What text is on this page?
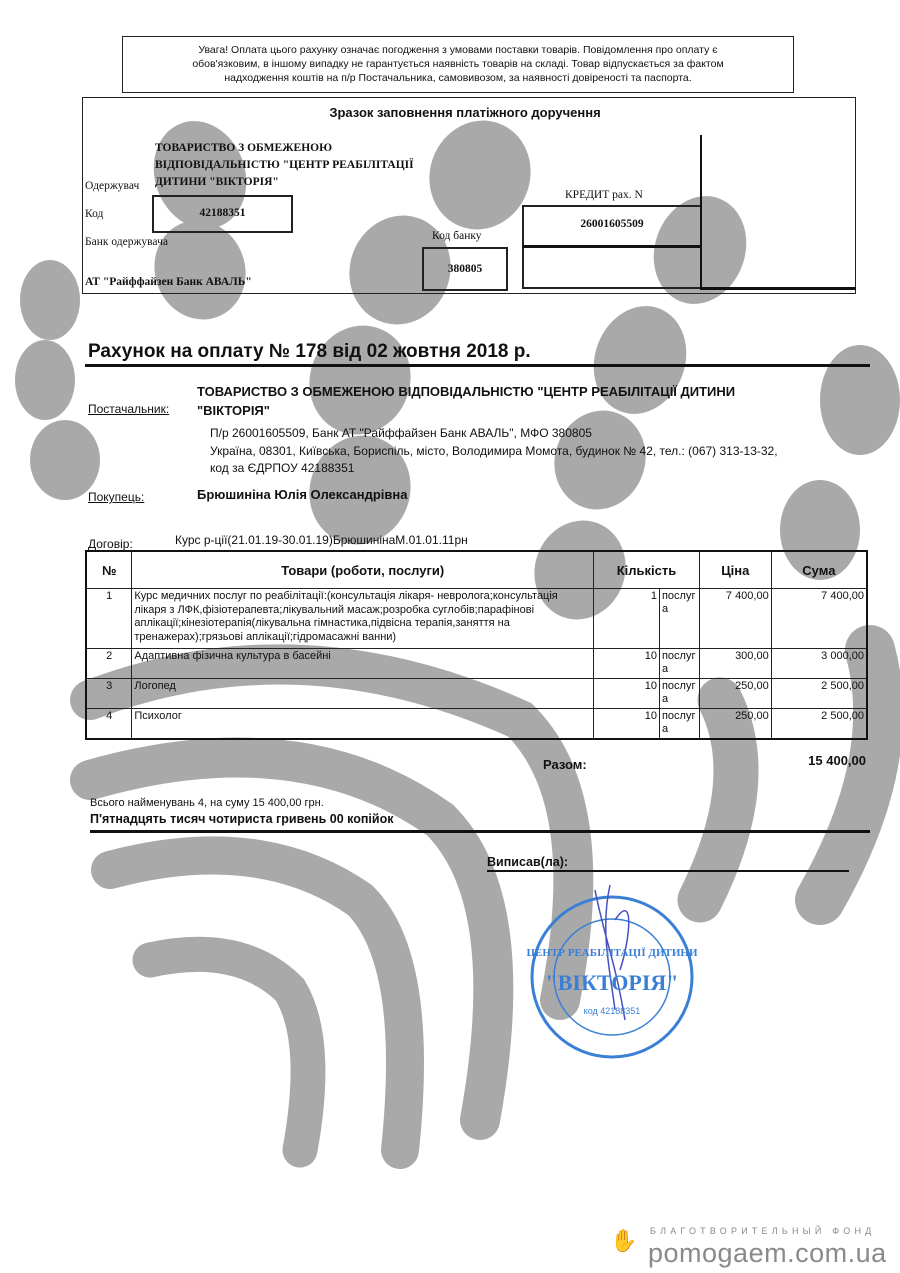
Увага! Оплата цього рахунку означає погодження з умовами поставки товарів. Повідомлення про оплату є
обов'язковим, в іншому випадку не гарантується наявність товарів на складі. Товар відпускається за фактом
надходження коштів на п/р Постачальника, самовивозом, за наявності довіреності та паспорта.
Зразок заповнення платіжного доручення
ТОВАРИСТВО З ОБМЕЖЕНОЮ
ВІДПОВІДАЛЬНІСТЮ "ЦЕНТР РЕАБІЛІТАЦІЇ
ДИТИНИ "ВІКТОРІЯ"
Одержувач
Код	42188351
Банк одержувача
АТ "Райффайзен Банк АВАЛЬ"
Код банку
380805
КРЕДИТ рах. N
26001605509
Рахунок на оплату № 178 від 02 жовтня 2018 р.
Постачальник:
ТОВАРИСТВО З ОБМЕЖЕНОЮ ВІДПОВІДАЛЬНІСТЮ "ЦЕНТР РЕАБІЛІТАЦІЇ ДИТИНИ
"ВІКТОРІЯ"
П/р 26001605509, Банк АТ "Райффайзен Банк АВАЛЬ", МФО 380805
Україна, 08301, Київська, Бориспіль, місто, Володимира Момота, будинок № 42, тел.: (067) 313-13-32,
код за ЄДРПОУ 42188351
Покупець:	Брюшиніна Юлія Олександрівна
Договір:	Курс р-ції(21.01.19-30.01.19)БрюшинінаМ.01.01.11рн
№	Товари (роботи, послуги)	Кількість		Ціна	Сума
1	Курс медичних послуг по реабілітації:(консультація лікаря- невролога;консультація лікаря з ЛФК,фізіотерапевта;лікувальний масаж;розробка суглобів;парафінові аплікації;кінезіотерапія(лікувальна гімнастика,підвісна терапія,заняття на тренажерах);грязьові аплікації;гідромасажні ванни)	1	послуга	7 400,00	7 400,00
2	Адаптивна фізична культура в басейні	10	послуга	300,00	3 000,00
3	Логопед	10	послуга	250,00	2 500,00
4	Психолог	10	послуга	250,00	2 500,00
Разом:	15 400,00
Всього найменувань 4, на суму 15 400,00 грн.
П'ятнадцять тисяч чотириста гривень 00 копійок
Виписав(ла):
ЦЕНТР РЕАБІЛІТАЦІЇ ДИТИНИ
"ВІКТОРІЯ"
код 42188351
✋ БЛАГОТВОРИТЕЛЬНЫЙ ФОНД
pomogaem.com.ua
